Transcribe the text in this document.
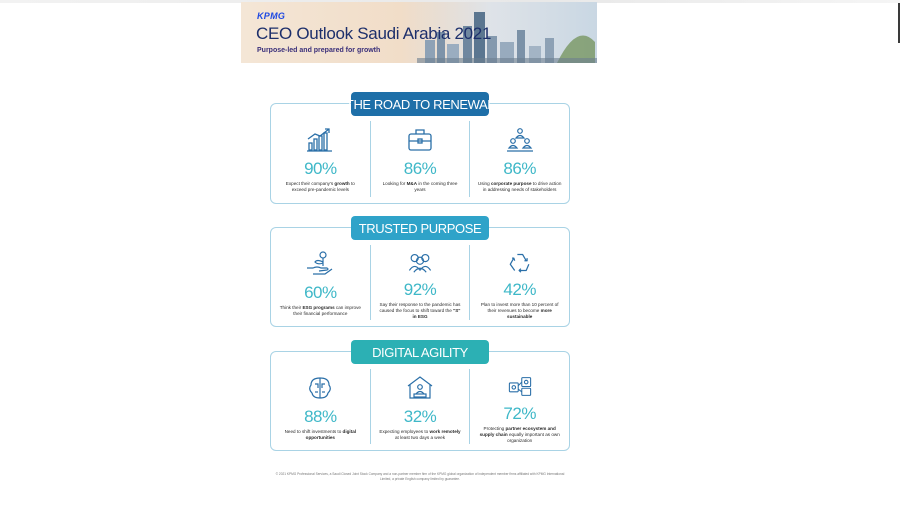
KPMG
CEO Outlook Saudi Arabia 2021
Purpose-led and prepared for growth
THE ROAD TO RENEWAL
90%
Expect their company's growth to exceed pre-pandemic levels
86%
Looking for M&A in the coming three years
86%
Using corporate purpose to drive action in addressing needs of stakeholders
TRUSTED PURPOSE
60%
Think their ESG programs can improve their financial performance
92%
Say their response to the pandemic has caused the focus to shift toward the "S" in ESG
42%
Plan to invest more than 10 percent of their revenues to become more sustainable
DIGITAL AGILITY
88%
Need to shift investments to digital opportunities
32%
Expecting employees to work remotely at least two days a week
72%
Protecting partner ecosystem and supply chain equally important as own organization
© 2021 KPMG Professional Services, a Saudi Closed Joint Stock Company and a non-partner member firm of the KPMG global organization of independent member firms affiliated with KPMG International Limited, a private English company limited by guarantee.
